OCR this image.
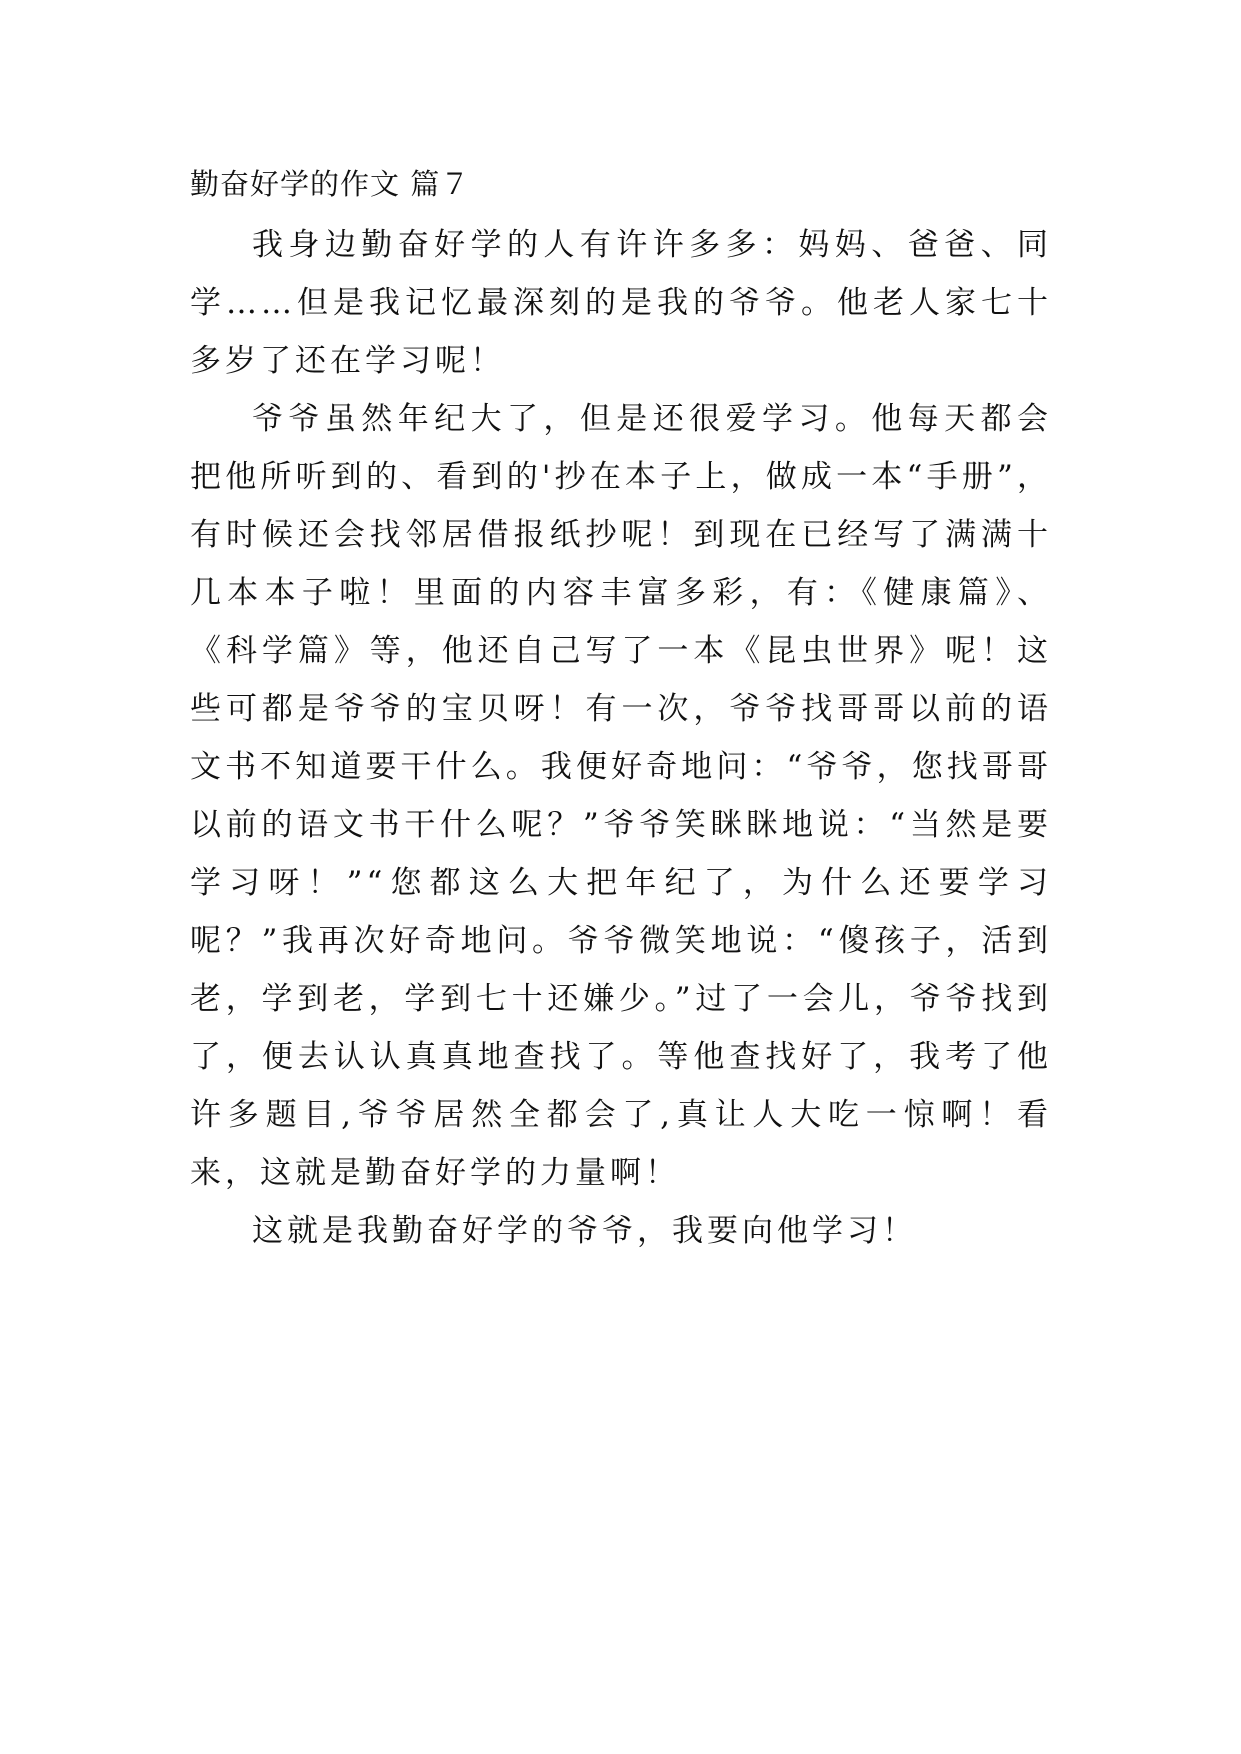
勤奋好学的作文 篇７

我身边勤奋好学的人有许许多多：妈妈、爸爸、同学……但是我记忆最深刻的是我的爷爷。他老人家七十多岁了还在学习呢！

爷爷虽然年纪大了，但是还很爱学习。他每天都会把他所听到的、看到的'抄在本子上，做成一本“手册”，有时候还会找邻居借报纸抄呢！到现在已经写了满满十几本本子啦！里面的内容丰富多彩，有：《健康篇》、《科学篇》等，他还自己写了一本《昆虫世界》呢！这些可都是爷爷的宝贝呀！有一次，爷爷找哥哥以前的语文书不知道要干什么。我便好奇地问：“爷爷，您找哥哥以前的语文书干什么呢？”爷爷笑眯眯地说：“当然是要学习呀！”“您都这么大把年纪了，为什么还要学习呢？”我再次好奇地问。爷爷微笑地说：“傻孩子，活到老，学到老，学到七十还嫌少。”过了一会儿，爷爷找到了，便去认认真真地查找了。等他查找好了，我考了他许多题目,爷爷居然全都会了,真让人大吃一惊啊！看来，这就是勤奋好学的力量啊！

这就是我勤奋好学的爷爷，我要向他学习！
